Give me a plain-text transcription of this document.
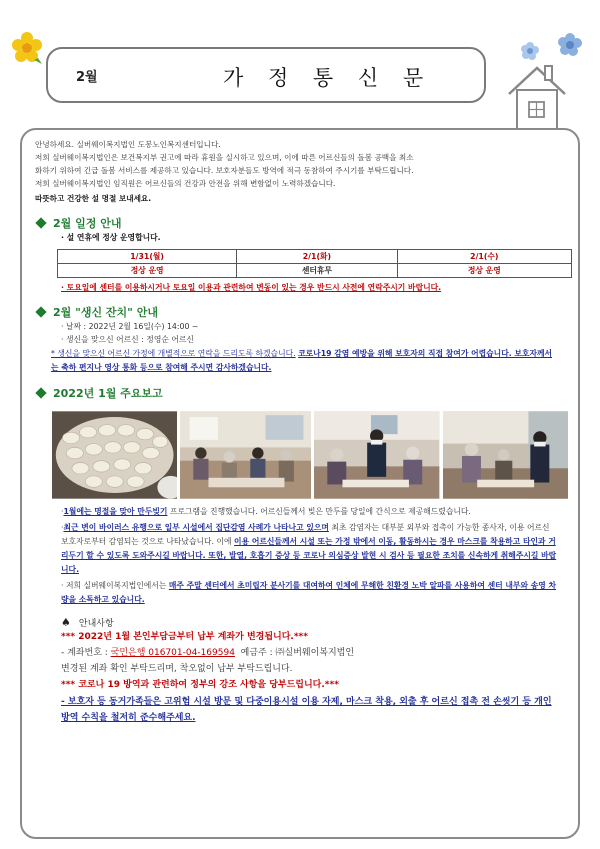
2월	가 정 통 신 문

안녕하세요. 실버웨이복지법인 도봉노인복지센터입니다.

저희 실버웨이복지법인은 보건복지부 권고에 따라 휴원을 실시하고 있으며, 이에 따른 어르신들의 돌봄 공백을 최소

화하기 위하여 긴급 돌봄 서비스를 제공하고 있습니다. 보호자분들도 방역에 적극 동참하여 주시기를 부탁드립니다.

저희 실버웨이복지법인 임직원은 어르신들의 건강과 안전을 위해 변함없이 노력하겠습니다.

따뜻하고 건강한 설 명절 보내세요.

2월 일정 안내
· 설 연휴에 정상 운영합니다.
1/31(월)	2/1(화)	2/1(수)
정상 운영	센터휴무	정상 운영
· 토요일에 센터를 이용하시거나 토요일 이용과 관련하여 변동이 있는 경우 반드시 사전에 연락주시기 바랍니다.
2월 "생신 잔치" 안내
· 날짜 : 2022년 2월 16일(수) 14:00 ~
· 생신을 맞으신 어르신 : 정영순 어르신
* 생신을 맞으신 어르신 가정에 개별적으로 연락을 드리도록 하겠습니다. 코로나19 감염 예방을 위해 보호자의 직접 참여가 어렵습니다. 보호자께서는 축하 편지나 영상 통화 등으로 참여해 주시면 감사하겠습니다.
2022년 1월 주요보고
·1월에는 명절을 맞아 만두빚기 프로그램을 진행했습니다. 어르신들께서 빚은 만두를 당일에 간식으로 제공해드렸습니다.
·최근 변이 바이러스 유행으로 일부 시설에서 집단감염 사례가 나타나고 있으며 최초 감염자는 대부분 외부와 접촉이 가능한 종사자, 이용 어르신 보호자로부터 감염되는 것으로 나타났습니다. 이에 이용 어르신들께서 시설 또는 가정 밖에서 이동, 활동하시는 경우 마스크를 착용하고 타인과 거리두기 할 수 있도록 도와주시길 바랍니다. 또한, 발열, 호흡기 증상 등 코로나 의심증상 발현 시 검사 등 필요한 조치를 신속하게 취해주시길 바랍니다.
· 저희 실버웨이복지법인에서는 매주 주말 센터에서 초미립자 분사기를 대여하여 인체에 무해한 친환경 노박 알파를 사용하여 센터 내부와 송영 차량을 소독하고 있습니다.
♠ 안내사항
*** 2022년 1월 본인부담금부터 납부 계좌가 변경됩니다.***
- 계좌번호 : 국민은행 016701-04-169594  예금주 : ㈜실버웨이복지법인
변경된 계좌 확인 부탁드리며, 착오없이 납부 부탁드립니다.
*** 코로나 19 방역과 관련하여 정부의 강조 사항을 당부드립니다.***
- 보호자 등 동거가족들은 고위험 시설 방문 및 다중이용시설 이용 자제, 마스크 착용, 외출 후 어르신 접촉 전 손씻기 등 개인방역 수칙을 철저히 준수해주세요.
